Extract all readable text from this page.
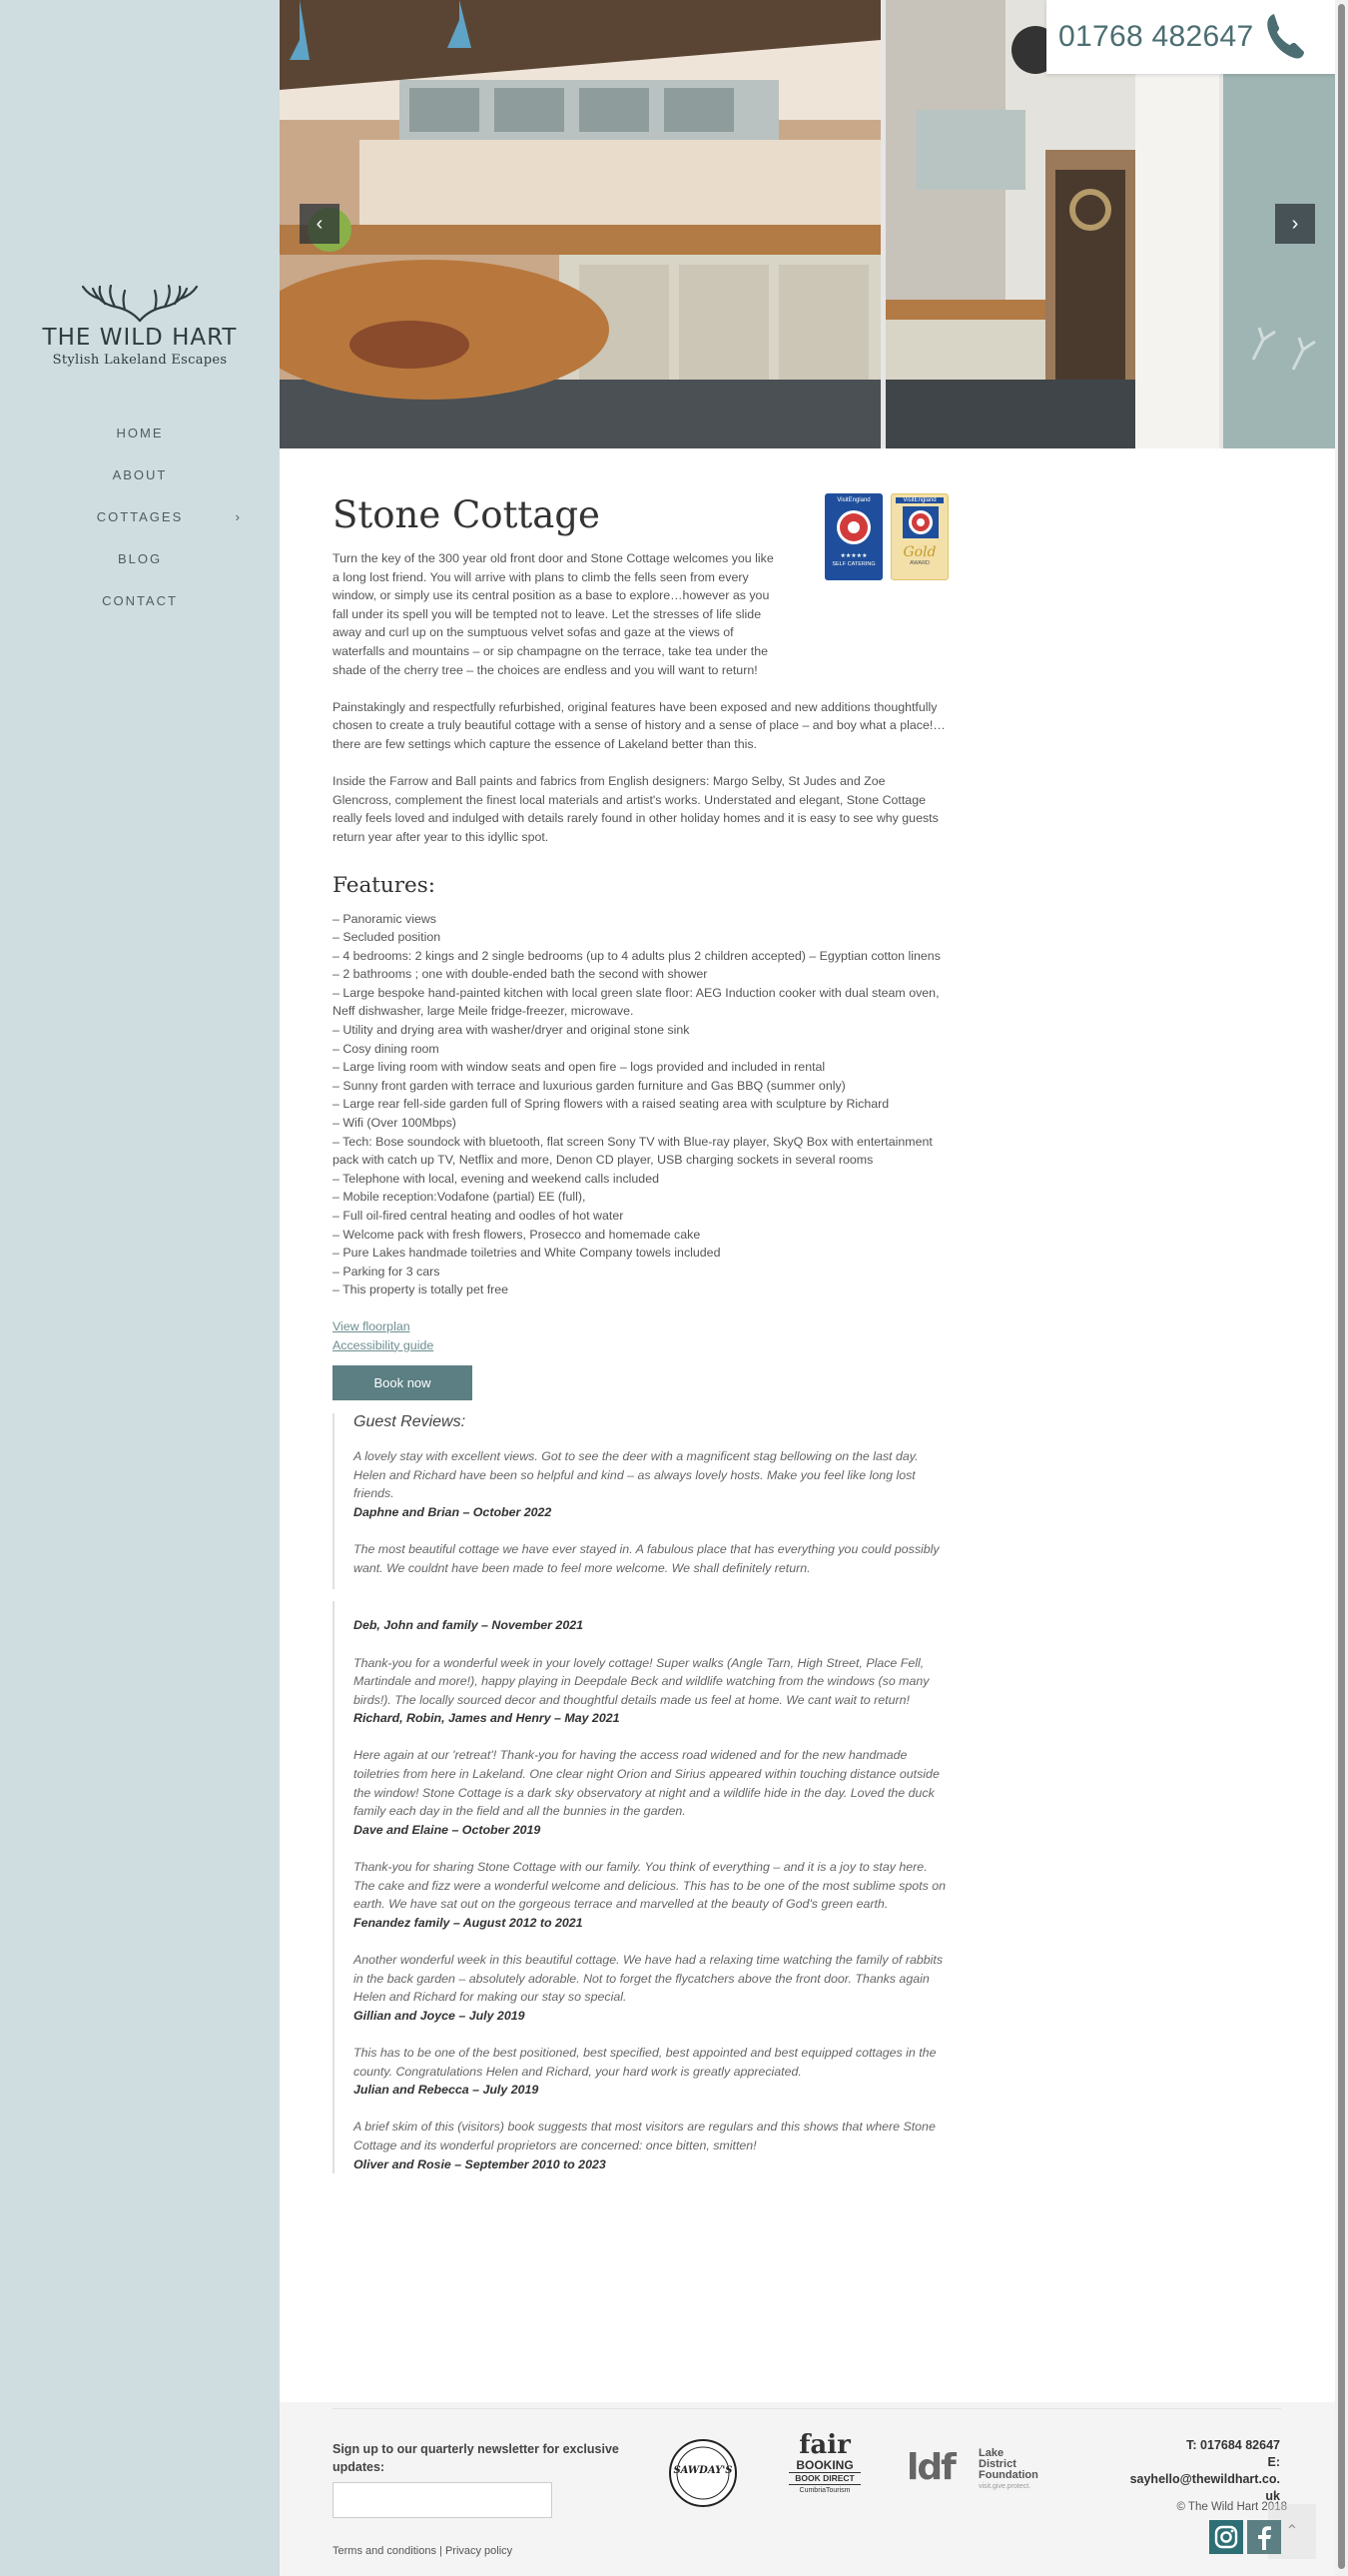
THE WILD HART
Stylish Lakeland Escapes
HOME
ABOUT
COTTAGES	›
BLOG
CONTACT
‹	›
01768 482647
Stone Cottage

Turn the key of the 300 year old front door and Stone Cottage welcomes you like a long lost friend. You will arrive with plans to climb the fells seen from every window, or simply use its central position as a base to explore…however as you fall under its spell you will be tempted not to leave. Let the stresses of life slide away and curl up on the sumptuous velvet sofas and gaze at the views of waterfalls and mountains – or sip champagne on the terrace, take tea under the shade of the cherry tree – the choices are endless and you will want to return!

Painstakingly and respectfully refurbished, original features have been exposed and new additions thoughtfully chosen to create a truly beautiful cottage with a sense of history and a sense of place – and boy what a place!…there are few settings which capture the essence of Lakeland better than this.

Inside the Farrow and Ball paints and fabrics from English designers: Margo Selby, St Judes and Zoe Glencross, complement the finest local materials and artist's works. Understated and elegant, Stone Cottage really feels loved and indulged with details rarely found in other holiday homes and it is easy to see why guests return year after year to this idyllic spot.

Features:
– Panoramic views
– Secluded position
– 4 bedrooms: 2 kings and 2 single bedrooms (up to 4 adults plus 2 children accepted) – Egyptian cotton linens
– 2 bathrooms ; one with double-ended bath the second with shower
– Large bespoke hand-painted kitchen with local green slate floor: AEG Induction cooker with dual steam oven, Neff dishwasher, large Meile fridge-freezer, microwave.
– Utility and drying area with washer/dryer and original stone sink
– Cosy dining room
– Large living room with window seats and open fire – logs provided and included in rental
– Sunny front garden with terrace and luxurious garden furniture and Gas BBQ (summer only)
– Large rear fell-side garden full of Spring flowers with a raised seating area with sculpture by Richard
– Wifi (Over 100Mbps)
– Tech: Bose soundock with bluetooth, flat screen Sony TV with Blue-ray player, SkyQ Box with entertainment pack with catch up TV, Netflix and more, Denon CD player, USB charging sockets in several rooms
– Telephone with local, evening and weekend calls included
– Mobile reception:Vodafone (partial) EE (full),
– Full oil-fired central heating and oodles of hot water
– Welcome pack with fresh flowers, Prosecco and homemade cake
– Pure Lakes handmade toiletries and White Company towels included
– Parking for 3 cars
– This property is totally pet free
View floorplan
Accessibility guide
Book now
Guest Reviews:
A lovely stay with excellent views. Got to see the deer with a magnificent stag bellowing on the last day. Helen and Richard have been so helpful and kind – as always lovely hosts. Make you feel like long lost friends.
Daphne and Brian – October 2022
The most beautiful cottage we have ever stayed in. A fabulous place that has everything you could possibly want. We couldnt have been made to feel more welcome. We shall definitely return.
Deb, John and family – November 2021
Thank-you for a wonderful week in your lovely cottage! Super walks (Angle Tarn, High Street, Place Fell, Martindale and more!), happy playing in Deepdale Beck and wildlife watching from the windows (so many birds!). The locally sourced decor and thoughtful details made us feel at home. We cant wait to return!
Richard, Robin, James and Henry – May 2021
Here again at our 'retreat'! Thank-you for having the access road widened and for the new handmade toiletries from here in Lakeland. One clear night Orion and Sirius appeared within touching distance outside the window! Stone Cottage is a dark sky observatory at night and a wildlife hide in the day. Loved the duck family each day in the field and all the bunnies in the garden.
Dave and Elaine – October 2019
Thank-you for sharing Stone Cottage with our family. You think of everything – and it is a joy to stay here. The cake and fizz were a wonderful welcome and delicious. This has to be one of the most sublime spots on earth. We have sat out on the gorgeous terrace and marvelled at the beauty of God's green earth.
Fenandez family – August 2012 to 2021
Another wonderful week in this beautiful cottage. We have had a relaxing time watching the family of rabbits in the back garden – absolutely adorable. Not to forget the flycatchers above the front door. Thanks again Helen and Richard for making our stay so special.
Gillian and Joyce – July 2019
This has to be one of the best positioned, best specified, best appointed and best equipped cottages in the county. Congratulations Helen and Richard, your hard work is greatly appreciated.
Julian and Rebecca – July 2019
A brief skim of this (visitors) book suggests that most visitors are regulars and this shows that where Stone Cottage and its wonderful proprietors are concerned: once bitten, smitten!
Oliver and Rosie – September 2010 to 2023
VisitEngland
★★★★★
SELF CATERING
VisitEngland
Gold
AWARD
Sign up to our quarterly newsletter for exclusive updates:
Terms and conditions | Privacy policy
SAWDAY'S
fair
BOOKING
BOOK DIRECT
CumbriaTourism
ldf Lake
District
Foundation
visit.give.protect.
T: 017684 82647
E:
sayhello@thewildhart.co.
uk
© The Wild Hart 2018
⌃
